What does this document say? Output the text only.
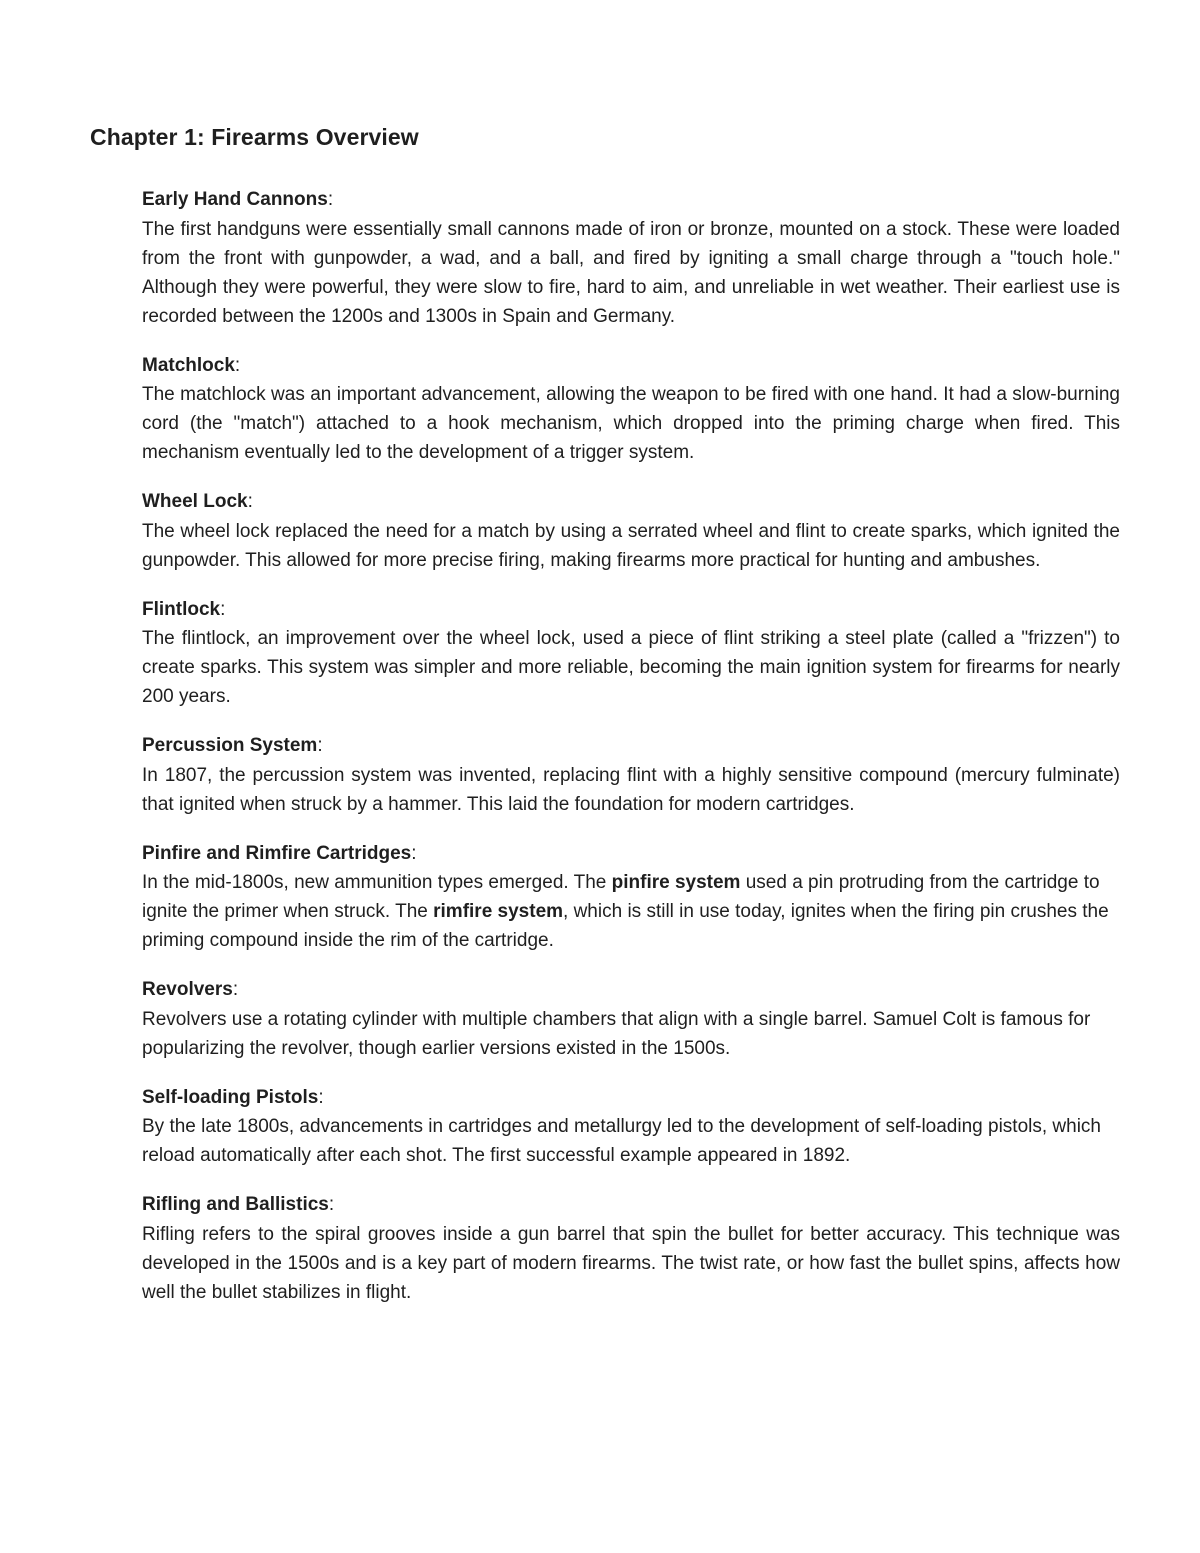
Chapter 1: Firearms Overview

Early Hand Cannons:

The first handguns were essentially small cannons made of iron or bronze, mounted on a stock. These were loaded from the front with gunpowder, a wad, and a ball, and fired by igniting a small charge through a "touch hole." Although they were powerful, they were slow to fire, hard to aim, and unreliable in wet weather. Their earliest use is recorded between the 1200s and 1300s in Spain and Germany.

Matchlock:

The matchlock was an important advancement, allowing the weapon to be fired with one hand. It had a slow-burning cord (the "match") attached to a hook mechanism, which dropped into the priming charge when fired. This mechanism eventually led to the development of a trigger system.

Wheel Lock:

The wheel lock replaced the need for a match by using a serrated wheel and flint to create sparks, which ignited the gunpowder. This allowed for more precise firing, making firearms more practical for hunting and ambushes.

Flintlock:

The flintlock, an improvement over the wheel lock, used a piece of flint striking a steel plate (called a "frizzen") to create sparks. This system was simpler and more reliable, becoming the main ignition system for firearms for nearly 200 years.

Percussion System:

In 1807, the percussion system was invented, replacing flint with a highly sensitive compound (mercury fulminate) that ignited when struck by a hammer. This laid the foundation for modern cartridges.

Pinfire and Rimfire Cartridges:

In the mid-1800s, new ammunition types emerged. The pinfire system used a pin protruding from the cartridge to ignite the primer when struck. The rimfire system, which is still in use today, ignites when the firing pin crushes the priming compound inside the rim of the cartridge.

Revolvers:

Revolvers use a rotating cylinder with multiple chambers that align with a single barrel. Samuel Colt is famous for popularizing the revolver, though earlier versions existed in the 1500s.

Self-loading Pistols:

By the late 1800s, advancements in cartridges and metallurgy led to the development of self-loading pistols, which reload automatically after each shot. The first successful example appeared in 1892.

Rifling and Ballistics:

Rifling refers to the spiral grooves inside a gun barrel that spin the bullet for better accuracy. This technique was developed in the 1500s and is a key part of modern firearms. The twist rate, or how fast the bullet spins, affects how well the bullet stabilizes in flight.
